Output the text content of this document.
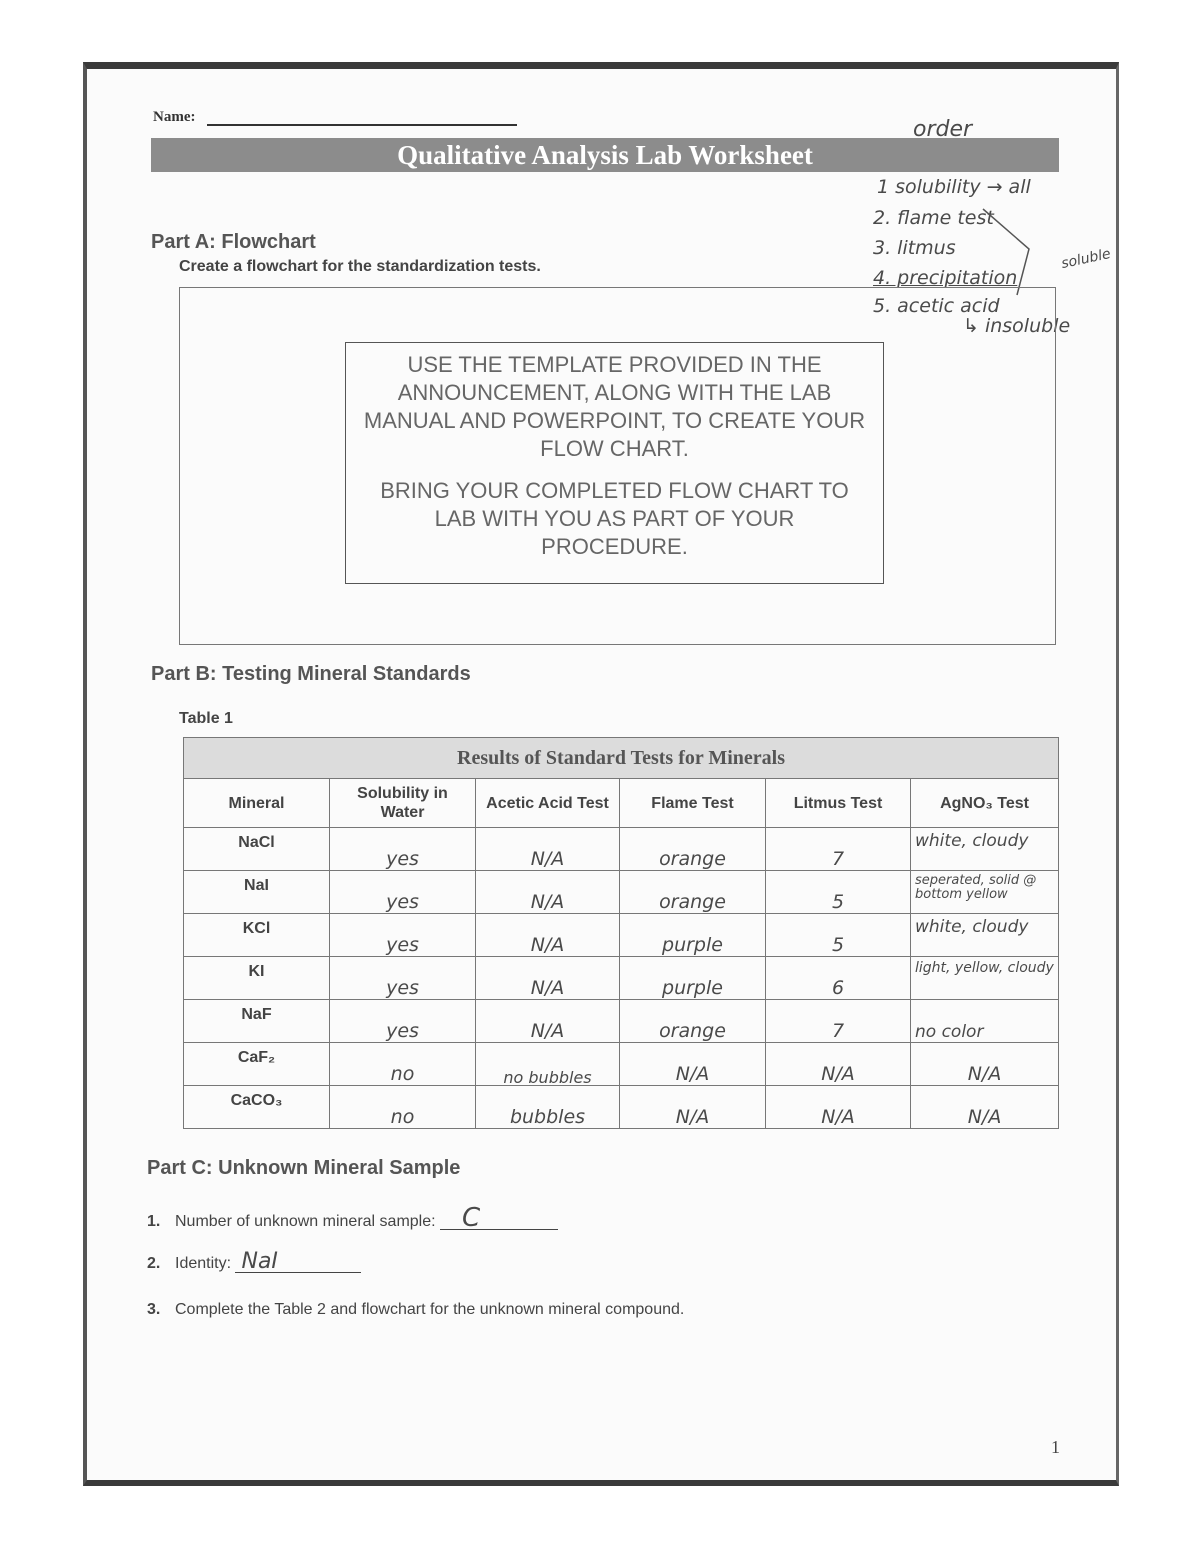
Name:
Qualitative Analysis Lab Worksheet
order
1 solubility → all
2. flame test
3. litmus
4. precipitation
5. acetic acid
soluble
↳ insoluble
Part A: Flowchart
Create a flowchart for the standardization tests.

USE THE TEMPLATE PROVIDED IN THE ANNOUNCEMENT, ALONG WITH THE LAB MANUAL AND POWERPOINT, TO CREATE YOUR FLOW CHART.

BRING YOUR COMPLETED FLOW CHART TO LAB WITH YOU AS PART OF YOUR PROCEDURE.

Part B: Testing Mineral Standards
Table 1
Results of Standard Tests for Minerals					
Mineral	Solubility in Water	Acetic Acid Test	Flame Test	Litmus Test	AgNO₃ Test
NaCl	yes	N/A	orange	7	white, cloudy
NaI	yes	N/A	orange	5	seperated, solid @ bottom yellow
KCl	yes	N/A	purple	5	white, cloudy
KI	yes	N/A	purple	6	light, yellow, cloudy
NaF	yes	N/A	orange	7	no color
CaF₂	no	no bubbles	N/A	N/A	N/A
CaCO₃	no	bubbles	N/A	N/A	N/A
Part C: Unknown Mineral Sample
1. Number of unknown mineral sample: C
2. Identity: NaI
3. Complete the Table 2 and flowchart for the unknown mineral compound.
1
